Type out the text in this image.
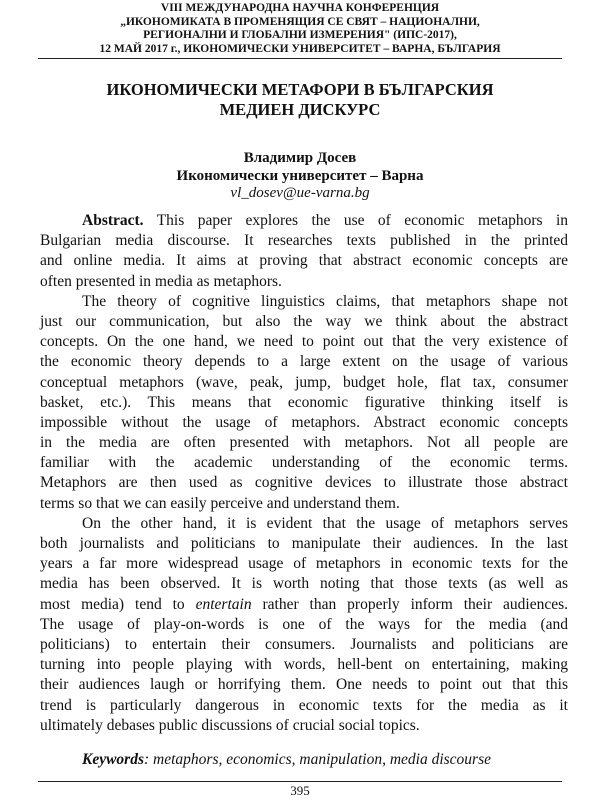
VIII МЕЖДУНАРОДНА НАУЧНА КОНФЕРЕНЦИЯ
„ИКОНОМИКАТА В ПРОМЕНЯЩИЯ СЕ СВЯТ – НАЦИОНАЛНИ,
РЕГИОНАЛНИ И ГЛОБАЛНИ ИЗМЕРЕНИЯ" (ИПС-2017),
12 МАЙ 2017 г., ИКОНОМИЧЕСКИ УНИВЕРСИТЕТ – ВАРНА, БЪЛГАРИЯ
ИКОНОМИЧЕСКИ МЕТАФОРИ В БЪЛГАРСКИЯ
МЕДИЕН ДИСКУРС
Владимир Досев
Икономически университет – Варна
vl_dosev@ue-varna.bg
Abstract. This paper explores the use of economic metaphors in
Bulgarian media discourse. It researches texts published in the printed
and online media. It aims at proving that abstract economic concepts are
often presented in media as metaphors.
The theory of cognitive linguistics claims, that metaphors shape not
just our communication, but also the way we think about the abstract
concepts. On the one hand, we need to point out that the very existence of
the economic theory depends to a large extent on the usage of various
conceptual metaphors (wave, peak, jump, budget hole, flat tax, consumer
basket, etc.). This means that economic figurative thinking itself is
impossible without the usage of metaphors. Abstract economic concepts
in the media are often presented with metaphors. Not all people are
familiar with the academic understanding of the economic terms.
Metaphors are then used as cognitive devices to illustrate those abstract
terms so that we can easily perceive and understand them.
On the other hand, it is evident that the usage of metaphors serves
both journalists and politicians to manipulate their audiences. In the last
years a far more widespread usage of metaphors in economic texts for the
media has been observed. It is worth noting that those texts (as well as
most media) tend to entertain rather than properly inform their audiences.
The usage of play-on-words is one of the ways for the media (and
politicians) to entertain their consumers. Journalists and politicians are
turning into people playing with words, hell-bent on entertaining, making
their audiences laugh or horrifying them. One needs to point out that this
trend is particularly dangerous in economic texts for the media as it
ultimately debases public discussions of crucial social topics.
Keywords: metaphors, economics, manipulation, media discourse
395
